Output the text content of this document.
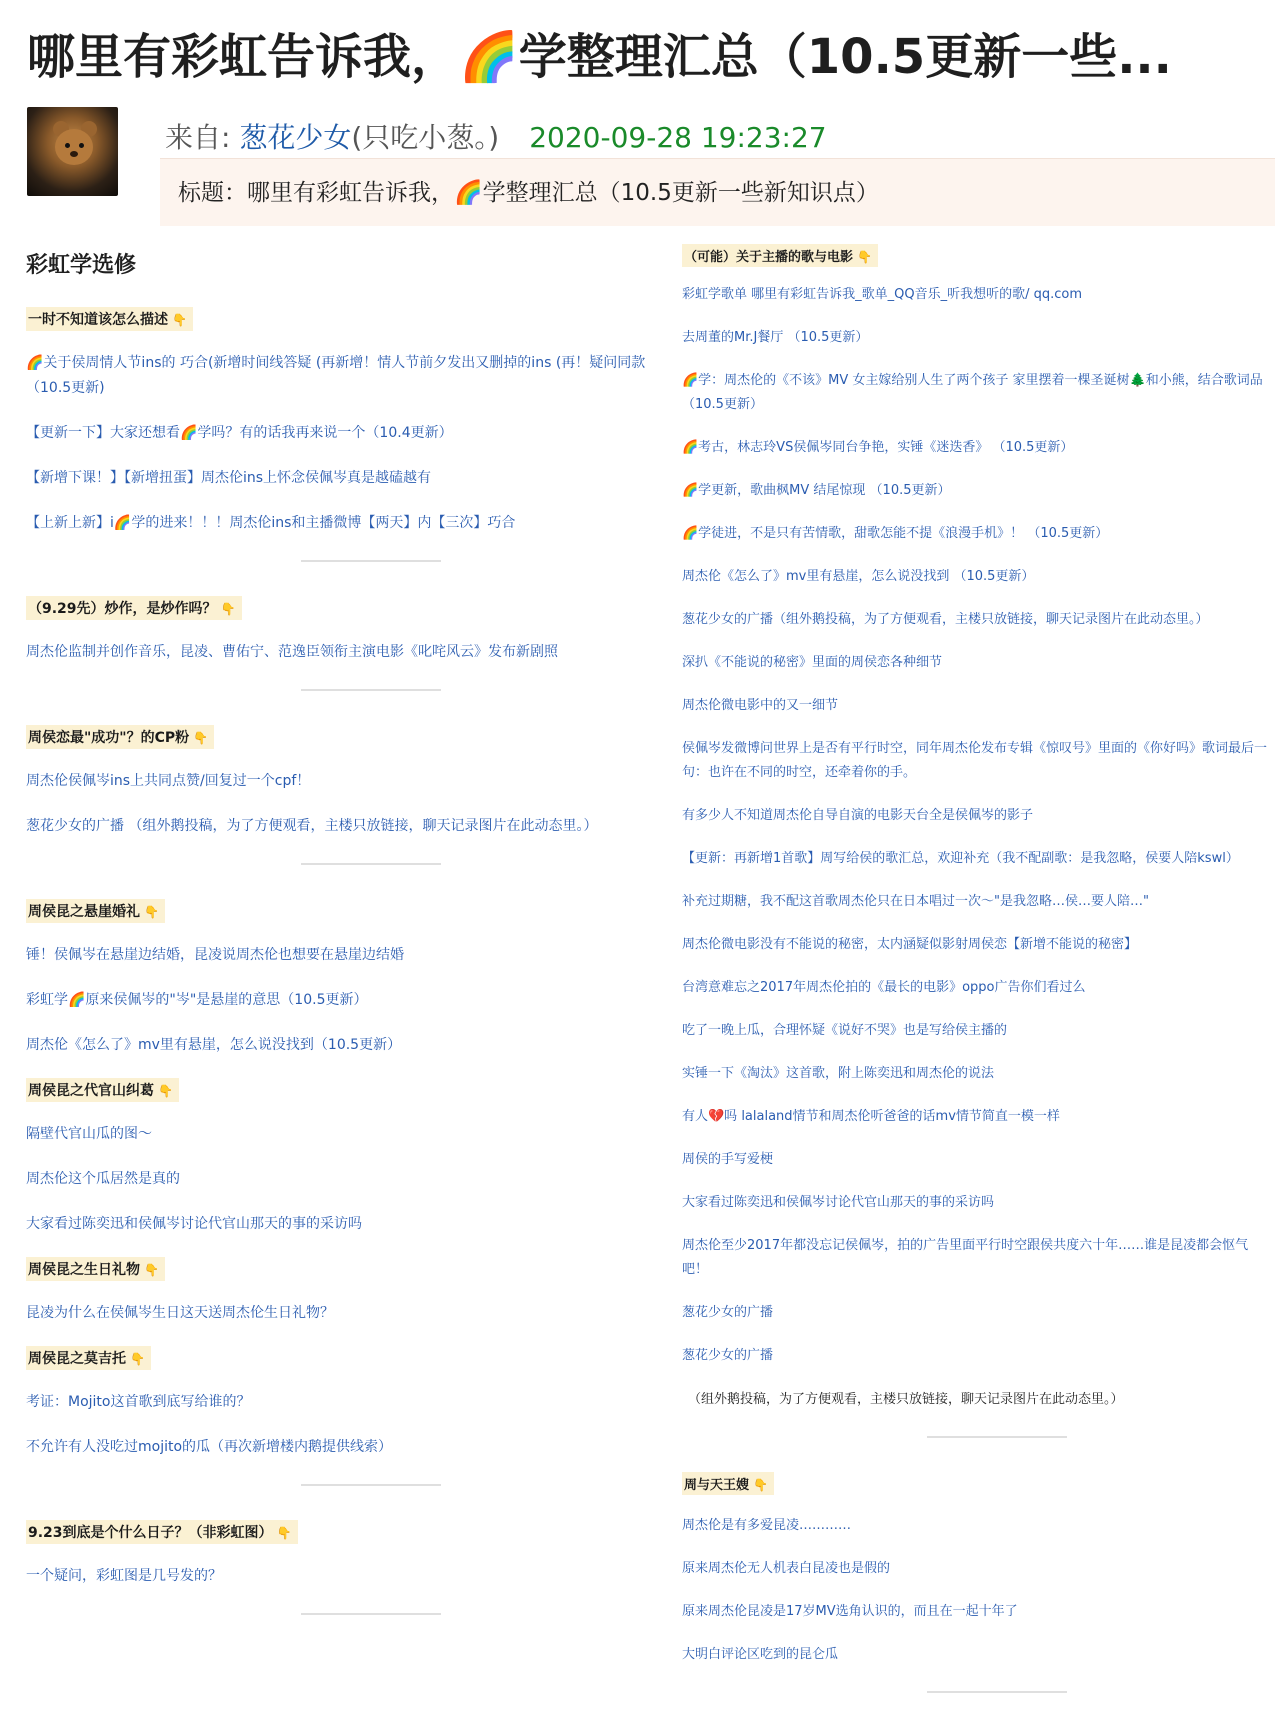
哪里有彩虹告诉我，🌈学整理汇总（10.5更新一些...
来自: 葱花少女(只吃小葱。) 2020-09-28 19:23:27
标题：哪里有彩虹告诉我，🌈学整理汇总（10.5更新一些新知识点）
彩虹学选修
一时不知道该怎么描述 👇
🌈关于侯周情人节ins的 巧合(新增时间线答疑 (再新增！情人节前夕发出又删掉的ins (再！疑问同款（10.5更新)
【更新一下】大家还想看🌈学吗？有的话我再来说一个（10.4更新）
【新增下课！】【新增扭蛋】周杰伦ins上怀念侯佩岑真是越磕越有
【上新上新】i🌈学的进来！！！周杰伦ins和主播微博【两天】内【三次】巧合
（9.29先）炒作，是炒作吗？ 👇
周杰伦监制并创作音乐，昆凌、曹佑宁、范逸臣领衔主演电影《叱咤风云》发布新剧照
周侯恋最"成功"？的CP粉 👇
周杰伦侯佩岑ins上共同点赞/回复过一个cpf！
葱花少女的广播 （组外鹅投稿，为了方便观看，主楼只放链接，聊天记录图片在此动态里。）
周侯昆之悬崖婚礼 👇
锤！侯佩岑在悬崖边结婚，昆凌说周杰伦也想要在悬崖边结婚
彩虹学🌈原来侯佩岑的"岑"是悬崖的意思（10.5更新）
周杰伦《怎么了》mv里有悬崖，怎么说没找到（10.5更新）
周侯昆之代官山纠葛 👇
隔壁代官山瓜的图～
周杰伦这个瓜居然是真的
大家看过陈奕迅和侯佩岑讨论代官山那天的事的采访吗
周侯昆之生日礼物 👇
昆凌为什么在侯佩岑生日这天送周杰伦生日礼物？
周侯昆之莫吉托 👇
考证：Mojito这首歌到底写给谁的？
不允许有人没吃过mojito的瓜（再次新增楼内鹅提供线索）
9.23到底是个什么日子？（非彩虹图） 👇
一个疑问，彩虹图是几号发的？
（可能）关于主播的歌与电影 👇
彩虹学歌单 哪里有彩虹告诉我_歌单_QQ音乐_听我想听的歌/ qq.com
去周董的Mr.J餐厅 （10.5更新）
🌈学：周杰伦的《不该》MV 女主嫁给别人生了两个孩子 家里摆着一棵圣诞树🌲和小熊，结合歌词品 （10.5更新）
🌈考古，林志玲VS侯佩岑同台争艳，实锤《迷迭香》 （10.5更新）
🌈学更新，歌曲枫MV 结尾惊现 （10.5更新）
🌈学徒进，不是只有苦情歌，甜歌怎能不提《浪漫手机》！ （10.5更新）
周杰伦《怎么了》mv里有悬崖，怎么说没找到 （10.5更新）
葱花少女的广播（组外鹅投稿，为了方便观看，主楼只放链接，聊天记录图片在此动态里。）
深扒《不能说的秘密》里面的周侯恋各种细节
周杰伦微电影中的又一细节
侯佩岑发微博问世界上是否有平行时空，同年周杰伦发布专辑《惊叹号》里面的《你好吗》歌词最后一句：也许在不同的时空，还牵着你的手。
有多少人不知道周杰伦自导自演的电影天台全是侯佩岑的影子
【更新：再新增1首歌】周写给侯的歌汇总，欢迎补充（我不配副歌：是我忽略，侯要人陪kswl）
补充过期糖，我不配这首歌周杰伦只在日本唱过一次～"是我忽略…侯…要人陪…"
周杰伦微电影没有不能说的秘密，太内涵疑似影射周侯恋【新增不能说的秘密】
台湾意难忘之2017年周杰伦拍的《最长的电影》oppo广告你们看过么
吃了一晚上瓜，合理怀疑《说好不哭》也是写给侯主播的
实锤一下《淘汰》这首歌，附上陈奕迅和周杰伦的说法
有人💔吗 lalaland情节和周杰伦听爸爸的话mv情节简直一模一样
周侯的手写爱梗
大家看过陈奕迅和侯佩岑讨论代官山那天的事的采访吗
周杰伦至少2017年都没忘记侯佩岑，拍的广告里面平行时空跟侯共度六十年……谁是昆凌都会怄气吧！
葱花少女的广播
葱花少女的广播
（组外鹅投稿，为了方便观看，主楼只放链接，聊天记录图片在此动态里。）
周与天王嫂 👇
周杰伦是有多爱昆凌…………
原来周杰伦无人机表白昆凌也是假的
原来周杰伦昆凌是17岁MV选角认识的，而且在一起十年了
大明白评论区吃到的昆仑瓜
